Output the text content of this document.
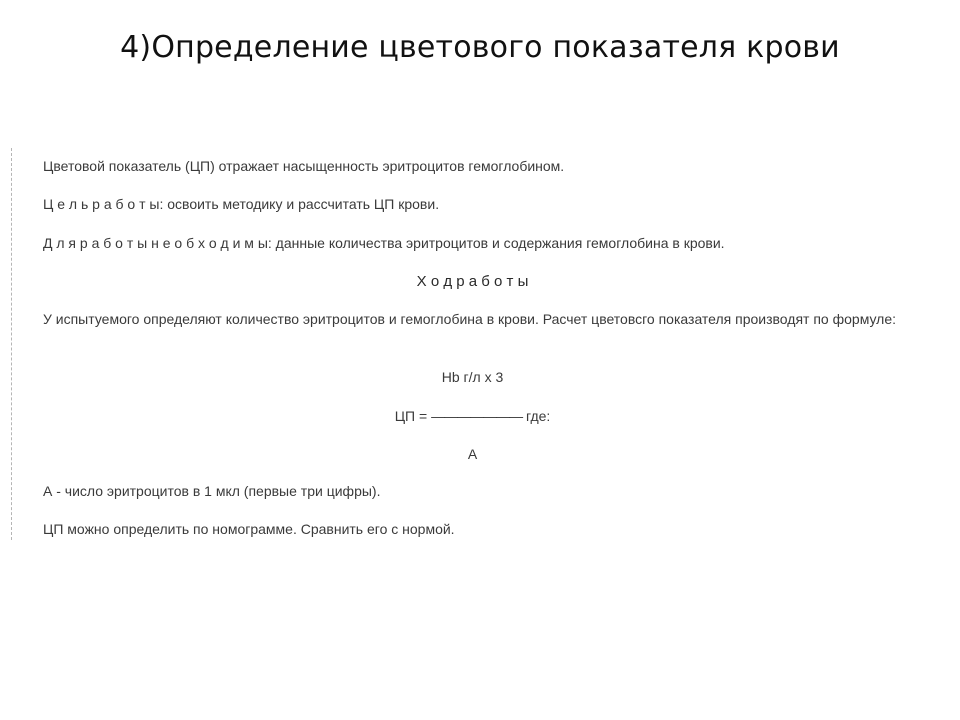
4)Определение цветового показателя крови
Цветовой показатель (ЦП) отражает насыщенность эритроцитов гемоглобином.
Ц е л ь р а б о т ы: освоить методику и рассчитать ЦП крови.
Д л я р а б о т ы н е о б х о д и м ы: данные количества эритроцитов и содержания гемоглобина в крови.
Х о д р а б о т ы
У испытуемого определяют количество эритроцитов и гемоглобина в крови. Расчет цветовсго показателя производят по формуле:
Hb г/л х 3
ЦП = ——————— где:
А
А - число эритроцитов в 1 мкл (первые три цифры).
ЦП можно определить по номограмме. Сравнить его с нормой.
